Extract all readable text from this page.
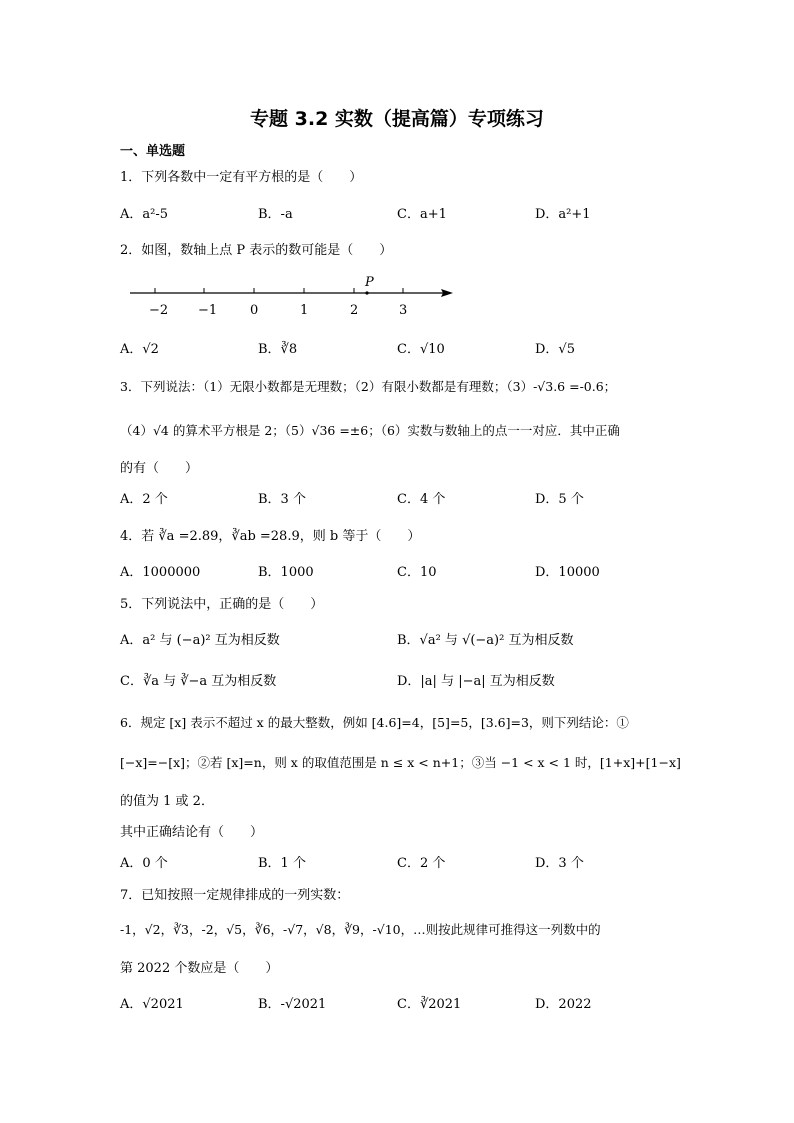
专题 3.2 实数（提高篇）专项练习
一、单选题
1．下列各数中一定有平方根的是（　　）
A．a²-5	B．-a	C．a+1	D．a²+1
2．如图，数轴上点 P 表示的数可能是（　　）
−2 −1	0	1	2	3
P
A．√2	B．∛8	C．√10	D．√5
3．下列说法：（1）无限小数都是无理数；（2）有限小数都是有理数；（3）-√3.6 =-0.6；
（4）√4 的算术平方根是 2；（5）√36 =±6；（6）实数与数轴上的点一一对应．其中正确
的有（　　）
A．2 个	B．3 个	C．4 个	D．5 个
4．若 ∛a =2.89，∛ab =28.9，则 b 等于（　　）
A．1000000	B．1000	C．10	D．10000
5．下列说法中，正确的是（　　）
A．a² 与 (−a)² 互为相反数	B．√a² 与 √(−a)² 互为相反数
C．∛a 与 ∛−a 互为相反数	D．|a| 与 |−a| 互为相反数
6．规定 [x] 表示不超过 x 的最大整数，例如 [4.6]=4，[5]=5，[3.6]=3，则下列结论：①
[−x]=−[x]；②若 [x]=n，则 x 的取值范围是 n ≤ x < n+1；③当 −1 < x < 1 时，[1+x]+[1−x]
的值为 1 或 2．
其中正确结论有（　　）
A．0 个	B．1 个	C．2 个	D．3 个
7．已知按照一定规律排成的一列实数：
-1，√2，∛3，-2，√5，∛6，-√7，√8，∛9，-√10，…则按此规律可推得这一列数中的
第 2022 个数应是（　　）
A．√2021	B．-√2021	C．∛2021	D．2022
